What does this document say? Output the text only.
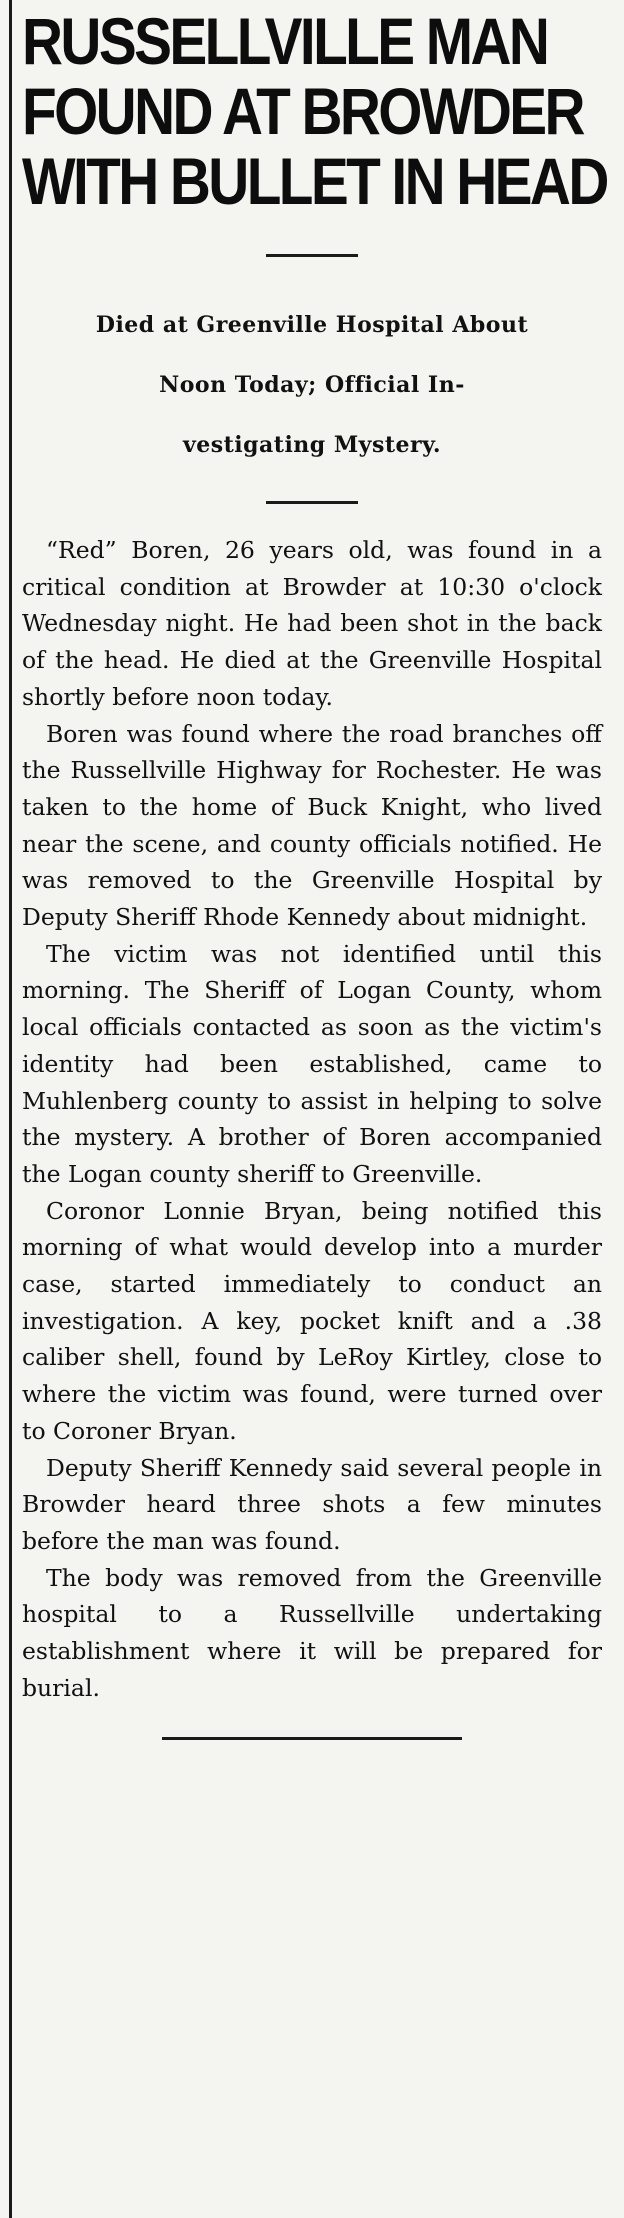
RUSSELLVILLE MAN
FOUND AT BROWDER
WITH BULLET IN HEAD
Died at Greenville Hospital About
Noon Today; Official In-
vestigating Mystery.

“Red” Boren, 26 years old, was found in a critical condition at Browder at 10:30 o'clock Wednesday night. He had been shot in the back of the head. He died at the Greenville Hospital shortly before noon today.

Boren was found where the road branches off the Russellville Highway for Rochester. He was taken to the home of Buck Knight, who lived near the scene, and county officials notified. He was removed to the Greenville Hospital by Deputy Sheriff Rhode Kennedy about midnight.

The victim was not identified until this morning. The Sheriff of Logan County, whom local officials contacted as soon as the victim's identity had been established, came to Muhlenberg county to assist in helping to solve the mystery. A brother of Boren accompanied the Logan county sheriff to Greenville.

Coronor Lonnie Bryan, being notified this morning of what would develop into a murder case, started immediately to conduct an investigation. A key, pocket knift and a .38 caliber shell, found by LeRoy Kirtley, close to where the victim was found, were turned over to Coroner Bryan.

Deputy Sheriff Kennedy said several people in Browder heard three shots a few minutes before the man was found.

The body was removed from the Greenville hospital to a Russellville undertaking establishment where it will be prepared for burial.
